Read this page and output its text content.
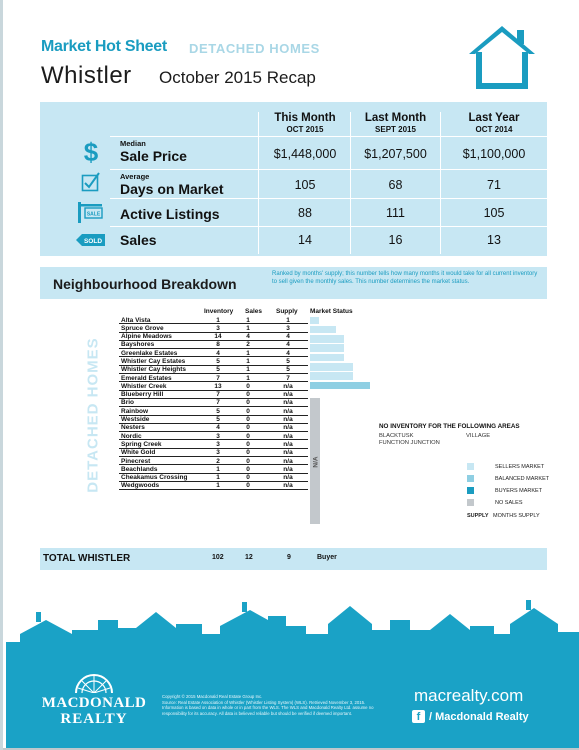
Market Hot Sheet DETACHED HOMES
Whistler October 2015 Recap
This Month
OCT 2015
Last Month
SEPT 2015
Last Year
OCT 2014
$	Median
Sale Price	$1,448,000	$1,207,500	$1,100,000
Average
Days on Market	105	68	71
SALE Active Listings	88	111	105
SOLD Sales	14	16	13
Neighbourhood Breakdown
Ranked by months' supply; this number tells how many months it would take for all current inventory to sell given the monthly sales. This number determines the market status.
DETACHED HOMES
Inventory Sales Supply Market Status
Alta Vista	1	1	1
Spruce Grove	3	1	3
Alpine Meadows	14	4	4
Bayshores	8	2	4
Greenlake Estates	4	1	4
Whistler Cay Estates	5	1	5
Whistler Cay Heights	5	1	5
Emerald Estates	7	1	7
Whistler Creek	13	0	n/a
Blueberry Hill	7	0	n/a
Brio	7	0	n/a
Rainbow	5	0	n/a
Westside	5	0	n/a
Nesters	4	0	n/a
Nordic	3	0	n/a
Spring Creek	3	0	n/a
White Gold	3	0	n/a
Pinecrest	2	0	n/a
Beachlands	1	0	n/a
Cheakamus Crossing	1	0	n/a
Wedgwoods	1	0	n/a
N/A
NO INVENTORY FOR THE FOLLOWING AREAS
BLACKTUSK	VILLAGE
FUNCTION JUNCTION
SELLERS MARKET
BALANCED MARKET
BUYERS MARKET
NO SALES
SUPPLY MONTHS SUPPLY
TOTAL WHISTLER	102	12	9	Buyer
MACDONALD
REALTY
Copyright © 2015 Macdonald Real Estate Group Inc.
Source: Real Estate Association of Whistler (Whistler Listing System) (WLS). Retrieved November 3, 2015.
Information is based on data in whole or in part from the WLS. The WLS and Macdonald Realty Ltd. assume no responsibility for its accuracy. All data is believed reliable but should be verified if deemed important.
macrealty.com
f / Macdonald Realty
